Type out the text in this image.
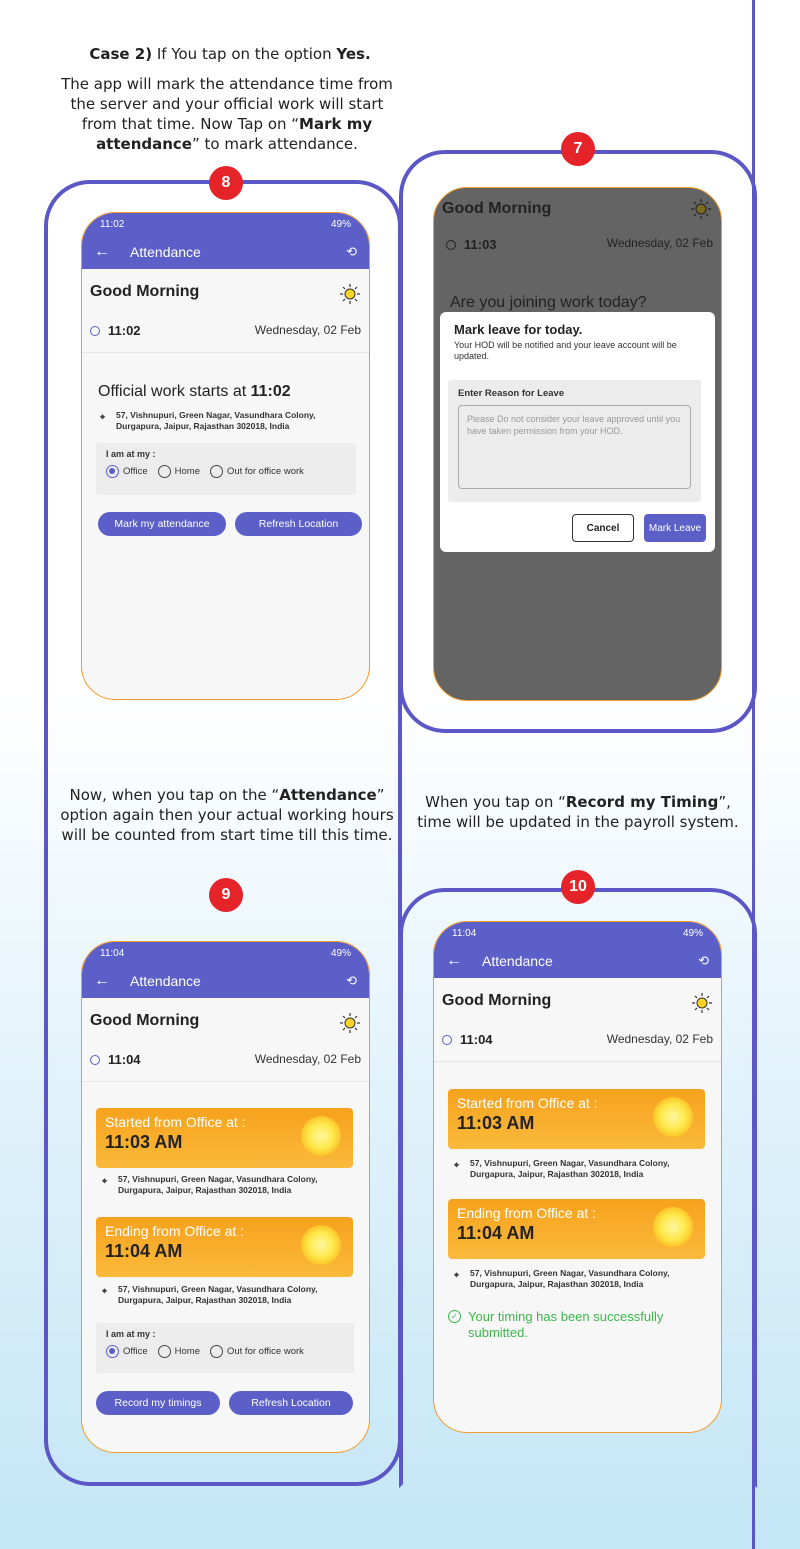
Case 2) If You tap on the option Yes.
The app will mark the attendance time from the server and your official work will start from that time. Now Tap on “Mark my attendance” to mark attendance.
8
11:02	49%
←	Attendance	⟲
Good Morning
11:02	Wednesday, 02 Feb
Official work starts at 11:02
⌖ 57, Vishnupuri, Green Nagar, Vasundhara Colony, Durgapura, Jaipur, Rajasthan 302018, India
I am at my :
Office	Home	Out for office work
Mark my attendance	Refresh Location
7
Good Morning
11:03	Wednesday, 02 Feb
Are you joining work today?
Mark leave for today.
Your HOD will be notified and your leave account will be updated.
Enter Reason for Leave
Please Do not consider your leave approved until you have taken permission from your HOD.
Cancel	Mark Leave
Now, when you tap on the “Attendance” option again then your actual working hours will be counted from start time till this time.
9
11:04	49%
←	Attendance	⟲
Good Morning
11:04	Wednesday, 02 Feb
Started from Office at :
11:03 AM
⌖ 57, Vishnupuri, Green Nagar, Vasundhara Colony, Durgapura, Jaipur, Rajasthan 302018, India
Ending from Office at :
11:04 AM
⌖ 57, Vishnupuri, Green Nagar, Vasundhara Colony, Durgapura, Jaipur, Rajasthan 302018, India
I am at my :
Office	Home	Out for office work
Record my timings	Refresh Location
When you tap on “Record my Timing”, time will be updated in the payroll system.
10
11:04	49%
←	Attendance	⟲
Good Morning
11:04	Wednesday, 02 Feb
Started from Office at :
11:03 AM
⌖ 57, Vishnupuri, Green Nagar, Vasundhara Colony, Durgapura, Jaipur, Rajasthan 302018, India
Ending from Office at :
11:04 AM
⌖ 57, Vishnupuri, Green Nagar, Vasundhara Colony, Durgapura, Jaipur, Rajasthan 302018, India
✓ Your timing has been successfully submitted.
